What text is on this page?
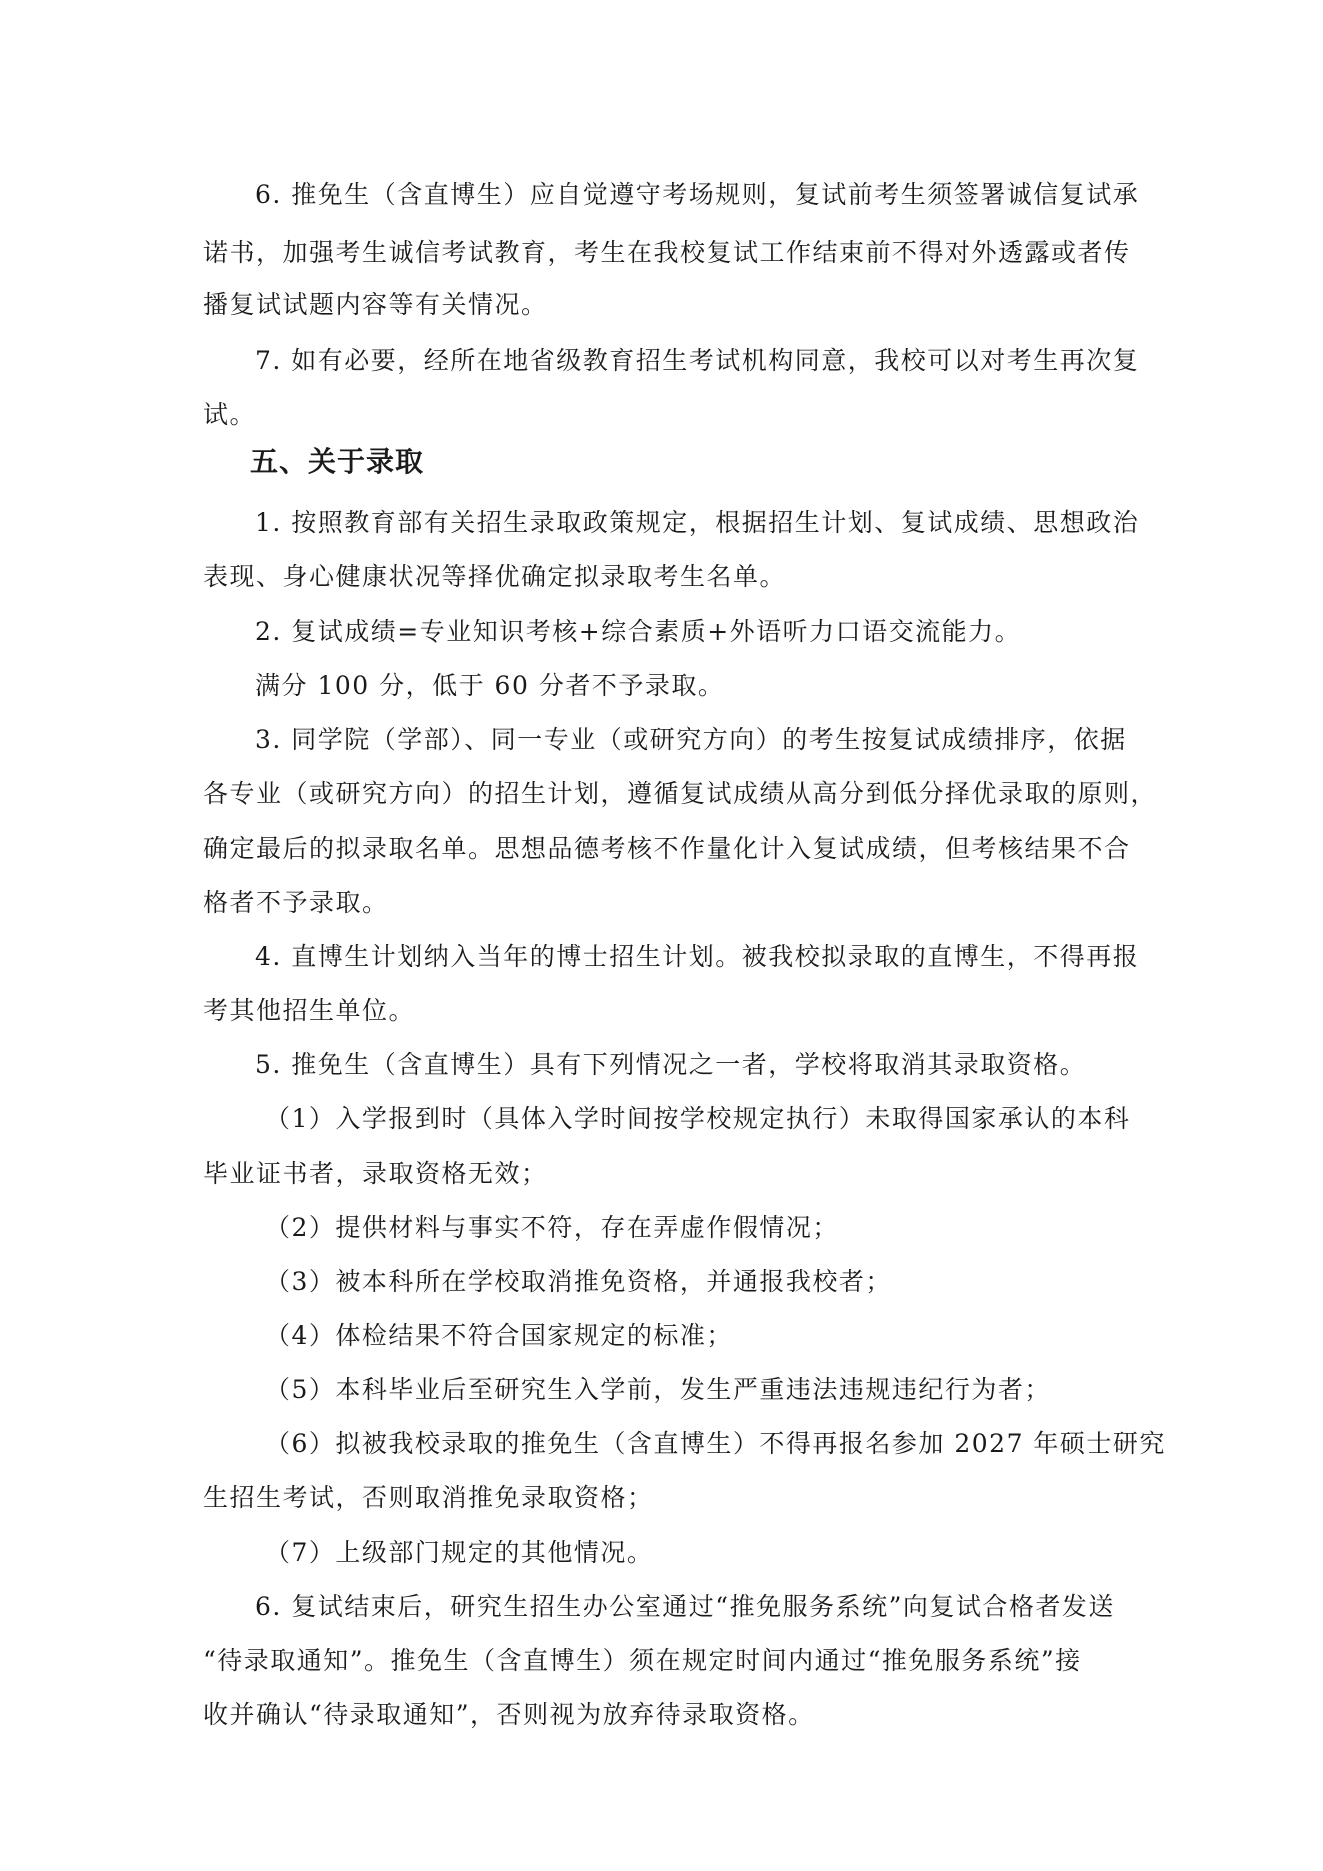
6. 推免生（含直博生）应自觉遵守考场规则，复试前考生须签署诚信复试承
诺书，加强考生诚信考试教育，考生在我校复试工作结束前不得对外透露或者传
播复试试题内容等有关情况。
7. 如有必要，经所在地省级教育招生考试机构同意，我校可以对考生再次复
试。
五、关于录取
1. 按照教育部有关招生录取政策规定，根据招生计划、复试成绩、思想政治
表现、身心健康状况等择优确定拟录取考生名单。
2. 复试成绩=专业知识考核+综合素质+外语听力口语交流能力。
满分 100 分，低于 60 分者不予录取。
3. 同学院（学部）、同一专业（或研究方向）的考生按复试成绩排序，依据
各专业（或研究方向）的招生计划，遵循复试成绩从高分到低分择优录取的原则，
确定最后的拟录取名单。思想品德考核不作量化计入复试成绩，但考核结果不合
格者不予录取。
4. 直博生计划纳入当年的博士招生计划。被我校拟录取的直博生，不得再报
考其他招生单位。
5. 推免生（含直博生）具有下列情况之一者，学校将取消其录取资格。
（1）入学报到时（具体入学时间按学校规定执行）未取得国家承认的本科
毕业证书者，录取资格无效；
（2）提供材料与事实不符，存在弄虚作假情况；
（3）被本科所在学校取消推免资格，并通报我校者；
（4）体检结果不符合国家规定的标准；
（5）本科毕业后至研究生入学前，发生严重违法违规违纪行为者；
（6）拟被我校录取的推免生（含直博生）不得再报名参加 2027 年硕士研究
生招生考试，否则取消推免录取资格；
（7）上级部门规定的其他情况。
6. 复试结束后，研究生招生办公室通过“推免服务系统”向复试合格者发送
“待录取通知”。推免生（含直博生）须在规定时间内通过“推免服务系统”接
收并确认“待录取通知”，否则视为放弃待录取资格。
